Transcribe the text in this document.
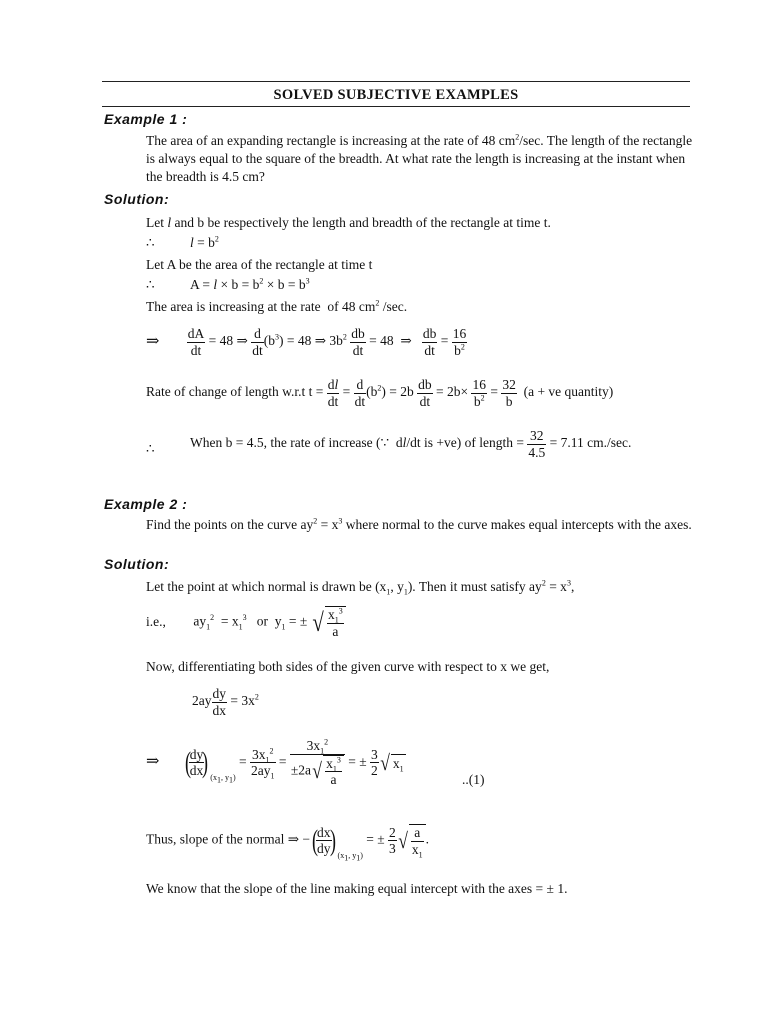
SOLVED SUBJECTIVE EXAMPLES
Example 1 :
The area of an expanding rectangle is increasing at the rate of 48 $cm^2/\sec$. The length of the rectangle is always equal to the square of the breadth. At what rate the length is increasing at the instant when the breadth is 4.5 cm?
Solution:
Let l and b be respectively the length and breadth of the rectangle at time t.
∴	$l = b^2$
Let A be the area of the rectangle at time t
∴	$A = l \times b = b^2 \times b = b^3$
The area is increasing at the rate  of 48 $cm^2$ /sec.
⇒ $\frac{dA}{dt} = 48$ ⇒ $\frac{d}{dt} (b^3) = 48$ ⇒ $3b^2 \frac{db}{dt} = 48$  ⇒ $\frac{db}{dt} = \frac{16}{b^2}$
Rate of change of length w.r.t $t = \frac{dl}{dt} = \frac{d}{dt} (b^2) = 2b \frac{db}{dt} = 2b\times \frac{16}{b^2} = \frac{32}{b} (a$ + ve quantity)
∴	When b = 4.5, the rate of increase (∵  dl/dt is +ve) of length = $\frac{32}{4.5} = 7.11$ cm./sec.
Example 2 :
Find the points on the curve $ay^2 = x^3$ where normal to the curve makes equal intercepts with the axes.
Solution:
Let the point at which normal is drawn be ($x_1$, $y_1$). Then it must satisfy $ay^2 = x^3$,
i.e., $ay_1^2 = x_1^3$   or  $y_1$ = ± √ $\frac{x_1^3}{a}$
Now, differentiating both sides of the given curve with respect to x we get,
$2ay \frac{dy}{dx} = 3x^2$
⇒ (
$\frac{dy}{dx}$
) $_{(x_1, y_1)} = \frac{3x_1^2}{2ay_1} = \frac{3x_1^2}{\pm 2a√ \frac{x_1^3}{a}}$ = ± $\frac{3}{2}$ √ $x_1$
..(1)
Thus, slope of the normal ⇒ −(
$\frac{dx}{dy}$
) $_{(x_1, y_1)}$ = ± $\frac{2}{3}$ √ $\frac{a}{x_1}$ .
We know that the slope of the line making equal intercept with the axes = ± 1.
